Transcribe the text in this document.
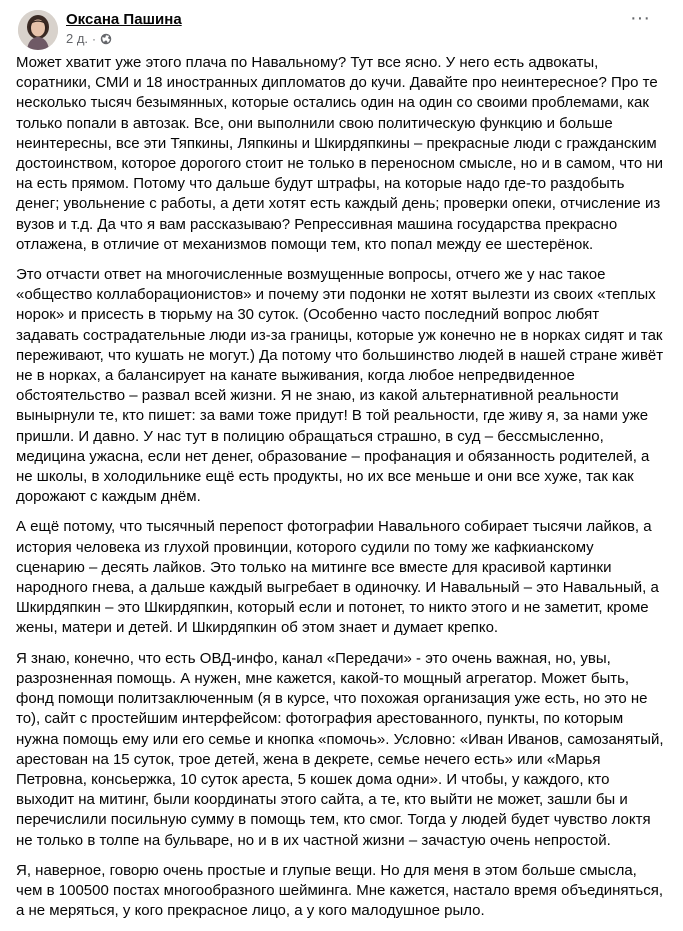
Оксана Пашина
2 д. ·
···

Может хватит уже этого плача по Навальному? Тут все ясно. У него есть адвокаты, соратники, СМИ и 18 иностранных дипломатов до кучи. Давайте про неинтересное? Про те несколько тысяч безымянных, которые остались один на один со своими проблемами, как только попали в автозак. Все, они выполнили свою политическую функцию и больше неинтересны, все эти Тяпкины, Ляпкины и Шкирдяпкины – прекрасные люди с гражданским достоинством, которое дорогого стоит не только в переносном смысле, но и в самом, что ни на есть прямом. Потому что дальше будут штрафы, на которые надо где-то раздобыть денег; увольнение с работы, а дети хотят есть каждый день; проверки опеки, отчисление из вузов и т.д. Да что я вам рассказываю? Репрессивная машина государства прекрасно отлажена, в отличие от механизмов помощи тем, кто попал между ее шестерёнок.

Это отчасти ответ на многочисленные возмущенные вопросы, отчего же у нас такое «общество коллаборационистов» и почему эти подонки не хотят вылезти из своих «теплых норок» и присесть в тюрьму на 30 суток. (Особенно часто последний вопрос любят задавать сострадательные люди из-за границы, которые уж конечно не в норках сидят и так переживают, что кушать не могут.) Да потому что большинство людей в нашей стране живёт не в норках, а балансирует на канате выживания, когда любое непредвиденное обстоятельство – развал всей жизни. Я не знаю, из какой альтернативной реальности вынырнули те, кто пишет: за вами тоже придут! В той реальности, где живу я, за нами уже пришли. И давно. У нас тут в полицию обращаться страшно, в суд – бессмысленно, медицина ужасна, если нет денег, образование – профанация и обязанность родителей, а не школы, в холодильнике ещё есть продукты, но их все меньше и они все хуже, так как дорожают с каждым днём.

А ещё потому, что тысячный перепост фотографии Навального собирает тысячи лайков, а история человека из глухой провинции, которого судили по тому же кафкианскому сценарию – десять лайков. Это только на митинге все вместе для красивой картинки народного гнева, а дальше каждый выгребает в одиночку. И Навальный – это Навальный, а Шкирдяпкин – это Шкирдяпкин, который если и потонет, то никто этого и не заметит, кроме жены, матери и детей. И Шкирдяпкин об этом знает и думает крепко.

Я знаю, конечно, что есть ОВД-инфо, канал «Передачи» - это очень важная, но, увы, разрозненная помощь. А нужен, мне кажется, какой-то мощный агрегатор. Может быть, фонд помощи политзаключенным (я в курсе, что похожая организация уже есть, но это не то), сайт с простейшим интерфейсом: фотография арестованного, пункты, по которым нужна помощь ему или его семье и кнопка «помочь». Условно: «Иван Иванов, самозанятый, арестован на 15 суток, трое детей, жена в декрете, семье нечего есть» или «Марья Петровна, консьержка, 10 суток ареста, 5 кошек дома одни». И чтобы, у каждого, кто выходит на митинг, были координаты этого сайта, а те, кто выйти не может, зашли бы и перечислили посильную сумму в помощь тем, кто смог. Тогда у людей будет чувство локтя не только в толпе на бульваре, но и в их частной жизни – зачастую очень непростой.

Я, наверное, говорю очень простые и глупые вещи. Но для меня в этом больше смысла, чем в 100500 постах многообразного шейминга. Мне кажется, настало время объединяться, а не меряться, у кого прекрасное лицо, а у кого малодушное рыло.
